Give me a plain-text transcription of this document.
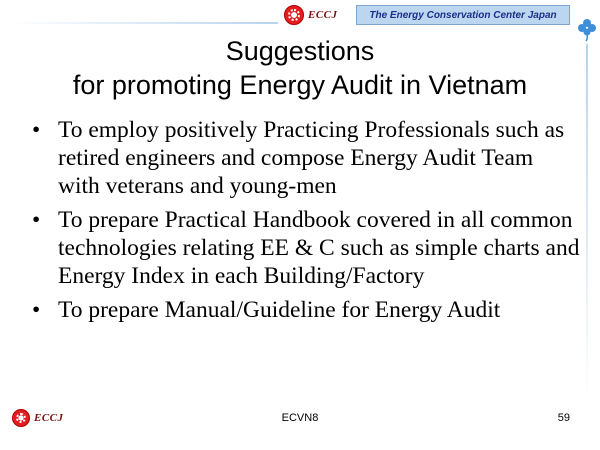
ECCJ	The Energy Conservation Center Japan
Suggestions
for promoting Energy Audit in Vietnam
• To employ positively Practicing Professionals such as retired engineers and compose Energy Audit Team with veterans and young-men
• To prepare Practical Handbook covered in all common technologies relating EE & C such as simple charts and Energy Index in each Building/Factory
• To prepare Manual/Guideline for Energy Audit
ECCJ	ECVN8	59
